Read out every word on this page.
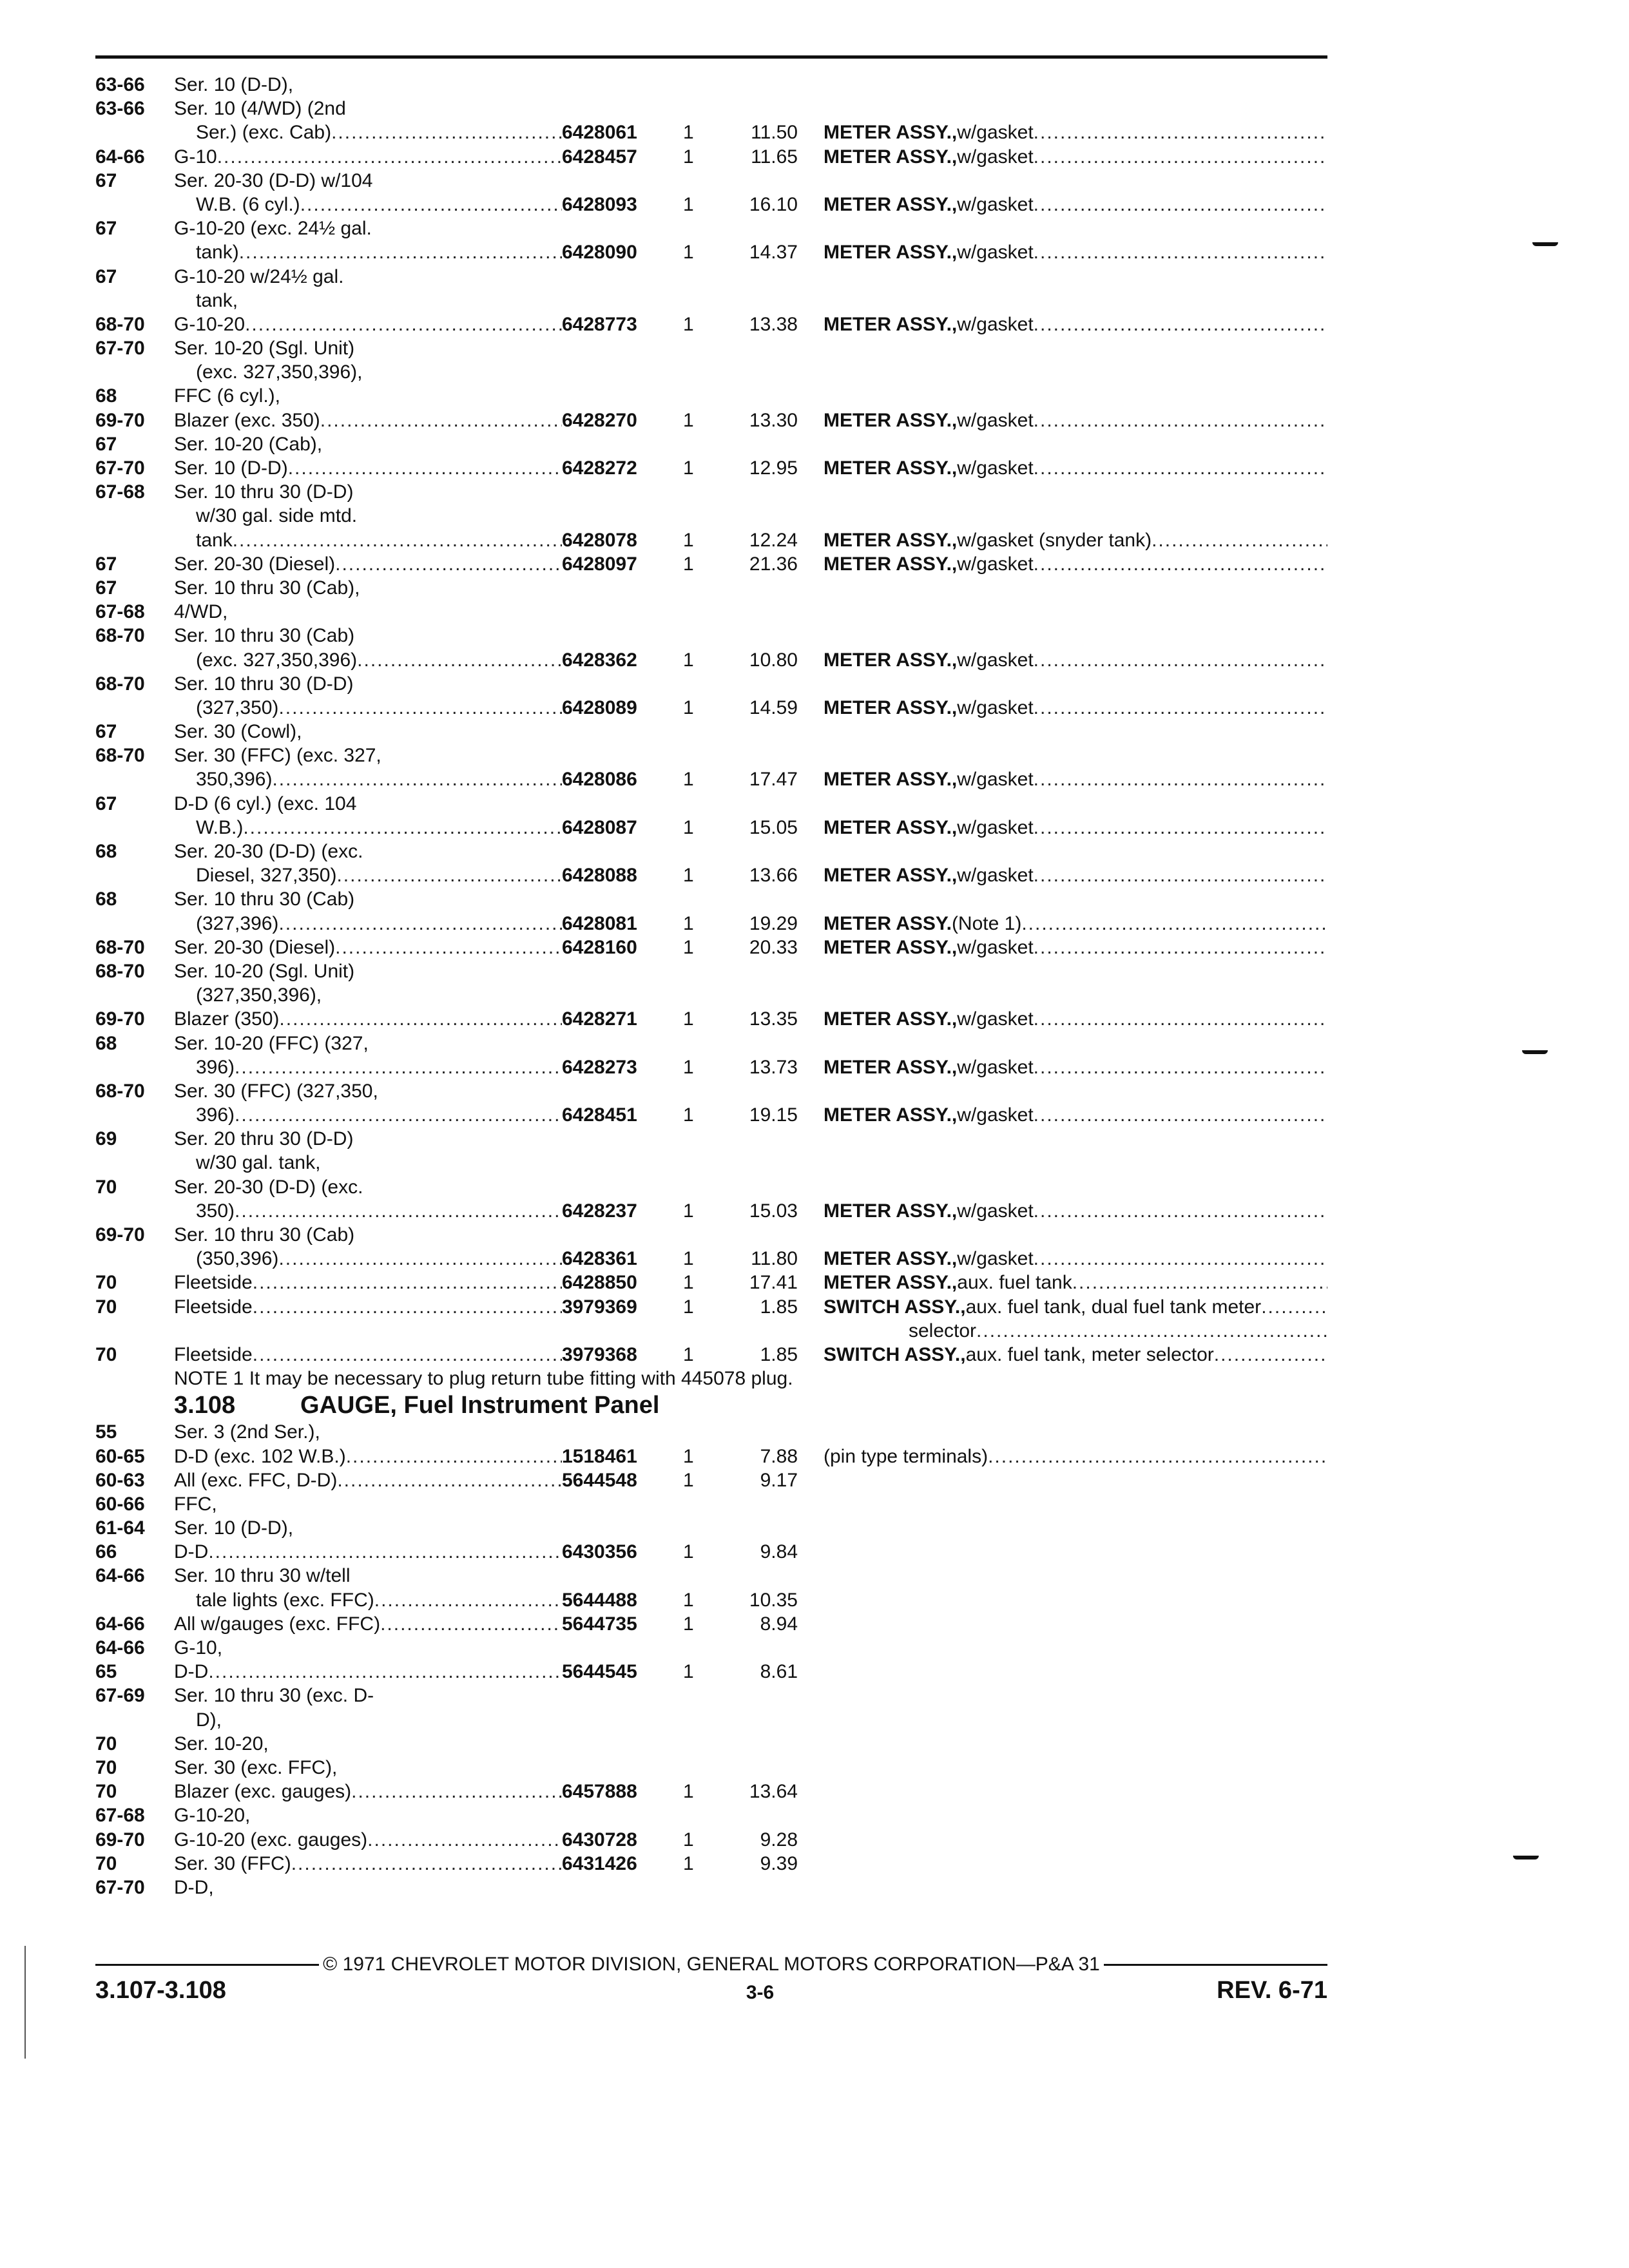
63-66	Ser. 10 (D-D),
63-66	Ser. 10 (4/WD) (2nd
Ser.) (exc. Cab) .....	6428061	1	11.50 METER ASSY., w/gasket
.....
64-66	G-10 .....	6428457	1	11.65 METER ASSY., w/gasket
.....
67	Ser. 20-30 (D-D) w/104
W.B. (6 cyl.) .....	6428093	1	16.10 METER ASSY., w/gasket
.....
67	G-10-20 (exc. 24½ gal.
tank) .....	6428090	1	14.37 METER ASSY., w/gasket
.....
67	G-10-20 w/24½ gal.
tank,
68-70	G-10-20 .....	6428773	1	13.38 METER ASSY., w/gasket
.....
67-70	Ser. 10-20 (Sgl. Unit)
(exc. 327,350,396),
68	FFC (6 cyl.),
69-70	Blazer (exc. 350) .....	6428270	1	13.30 METER ASSY., w/gasket
.....
67	Ser. 10-20 (Cab),
67-70	Ser. 10 (D-D) .....	6428272	1	12.95 METER ASSY., w/gasket
.....
67-68	Ser. 10 thru 30 (D-D)
w/30 gal. side mtd.
tank .....	6428078	1	12.24 METER ASSY., w/gasket (snyder tank)
.....
67	Ser. 20-30 (Diesel) .....	6428097	1	21.36 METER ASSY., w/gasket
.....
67	Ser. 10 thru 30 (Cab),
67-68	4/WD,
68-70	Ser. 10 thru 30 (Cab)
(exc. 327,350,396) .....	6428362	1	10.80 METER ASSY., w/gasket
.....
68-70	Ser. 10 thru 30 (D-D)
(327,350) .....	6428089	1	14.59 METER ASSY., w/gasket
.....
67	Ser. 30 (Cowl),
68-70	Ser. 30 (FFC) (exc. 327,
350,396) .....	6428086	1	17.47 METER ASSY., w/gasket
.....
67	D-D (6 cyl.) (exc. 104
W.B.) .....	6428087	1	15.05 METER ASSY., w/gasket
.....
68	Ser. 20-30 (D-D) (exc.
Diesel, 327,350) .....	6428088	1	13.66 METER ASSY., w/gasket
.....
68	Ser. 10 thru 30 (Cab)
(327,396) .....	6428081	1	19.29 METER ASSY. (Note 1)
.....
68-70	Ser. 20-30 (Diesel) .....	6428160	1	20.33 METER ASSY., w/gasket
.....
68-70	Ser. 10-20 (Sgl. Unit)
(327,350,396),
69-70	Blazer (350) .....	6428271	1	13.35 METER ASSY., w/gasket
.....
68	Ser. 10-20 (FFC) (327,
396) .....	6428273	1	13.73 METER ASSY., w/gasket
.....
68-70	Ser. 30 (FFC) (327,350,
396) .....	6428451	1	19.15 METER ASSY., w/gasket
.....
69	Ser. 20 thru 30 (D-D)
w/30 gal. tank,
70	Ser. 20-30 (D-D) (exc.
350) .....	6428237	1	15.03 METER ASSY., w/gasket
.....
69-70	Ser. 10 thru 30 (Cab)
(350,396) .....	6428361	1	11.80 METER ASSY., w/gasket
.....
70	Fleetside .....	6428850	1	17.41 METER ASSY., aux. fuel tank
.....
70	Fleetside .....	3979369	1	1.85 SWITCH ASSY., aux. fuel tank, dual fuel tank meter
.....
selector
.....
70	Fleetside .....	3979368	1	1.85 SWITCH ASSY., aux. fuel tank, meter selector
.....
NOTE 1 It may be necessary to plug return tube fitting with 445078 plug.
3.108	GAUGE, Fuel Instrument Panel
55	Ser. 3 (2nd Ser.),
60-65	D-D (exc. 102 W.B.) .....	1518461	1	7.88 (pin type terminals)
.....
60-63	All (exc. FFC, D-D) .....	5644548	1	9.17
60-66	FFC,
61-64	Ser. 10 (D-D),
66	D-D .....	6430356	1	9.84
64-66	Ser. 10 thru 30 w/tell
tale lights (exc. FFC) .....	5644488	1	10.35
64-66	All w/gauges (exc. FFC) .....	5644735	1	8.94
64-66	G-10,
65	D-D .....	5644545	1	8.61
67-69	Ser. 10 thru 30 (exc. D-
D),
70	Ser. 10-20,
70	Ser. 30 (exc. FFC),
70	Blazer (exc. gauges) .....	6457888	1	13.64
67-68	G-10-20,
69-70	G-10-20 (exc. gauges) .....	6430728	1	9.28
70	Ser. 30 (FFC) .....	6431426	1	9.39
67-70	D-D,
© 1971 CHEVROLET MOTOR DIVISION, GENERAL MOTORS CORPORATION—P&A 31
3.107-3.108	3-6	REV. 6-71
